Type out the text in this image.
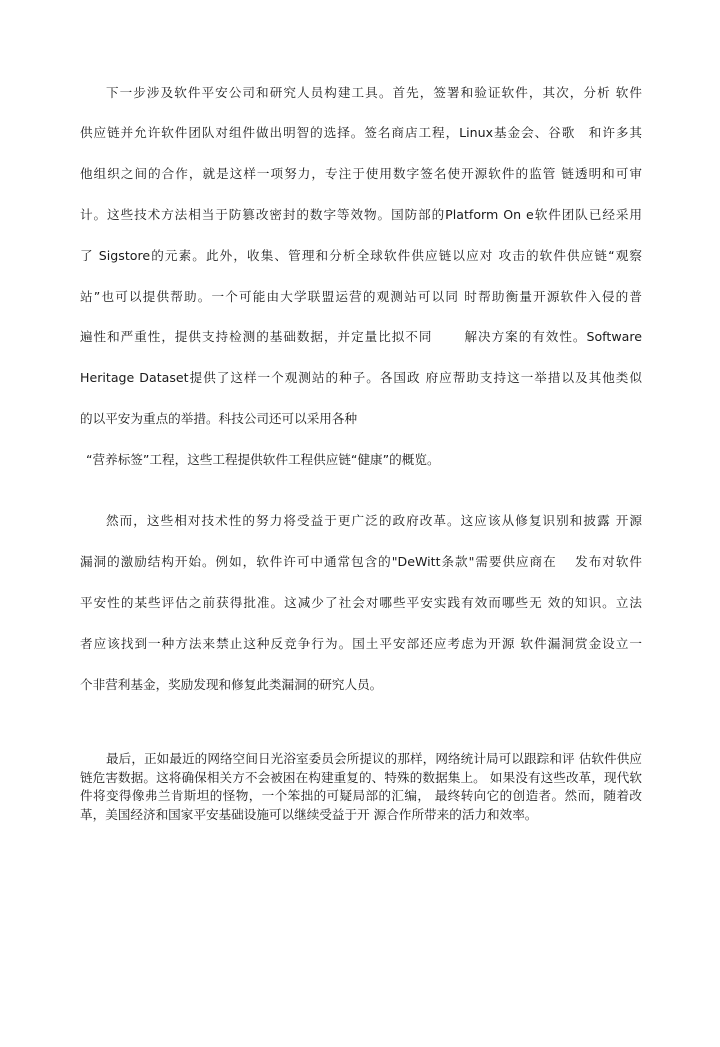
下一步涉及软件平安公司和研究人员构建工具。首先，签署和验证软件，其次，分析 软件
供应链并允许软件团队对组件做出明智的选择。签名商店工程，Linux基金会、谷歌　和许多其
他组织之间的合作，就是这样一项努力，专注于使用数字签名使开源软件的监管 链透明和可审
计。这些技术方法相当于防篡改密封的数字等效物。国防部的Platform On e软件团队已经采用
了 Sigstore的元素。此外，收集、管理和分析全球软件供应链以应对 攻击的软件供应链“观察
站”也可以提供帮助。一个可能由大学联盟运营的观测站可以同 时帮助衡量开源软件入侵的普
遍性和严重性，提供支持检测的基础数据，并定量比拟不同　　 解决方案的有效性。Software
Heritage Dataset提供了这样一个观测站的种子。各国政 府应帮助支持这一举措以及其他类似
的以平安为重点的举措。科技公司还可以采用各种
“营养标签”工程，这些工程提供软件工程供应链“健康”的概览。
然而，这些相对技术性的努力将受益于更广泛的政府改革。这应该从修复识别和披露 开源
漏洞的激励结构开始。例如，软件许可中通常包含的"DeWitt条款"需要供应商在　 发布对软件
平安性的某些评估之前获得批准。这减少了社会对哪些平安实践有效而哪些无 效的知识。立法
者应该找到一种方法来禁止这种反竞争行为。国土平安部还应考虑为开源 软件漏洞赏金设立一
个非营利基金，奖励发现和修复此类漏洞的研究人员。
最后，正如最近的网络空间日光浴室委员会所提议的那样，网络统计局可以跟踪和评 估软件供应链危害数据。这将确保相关方不会被困在构建重复的、特殊的数据集上。 如果没有这些改革，现代软件将变得像弗兰肯斯坦的怪物，一个笨拙的可疑局部的汇编， 最终转向它的创造者。然而，随着改革，美国经济和国家平安基础设施可以继续受益于开 源合作所带来的活力和效率。
